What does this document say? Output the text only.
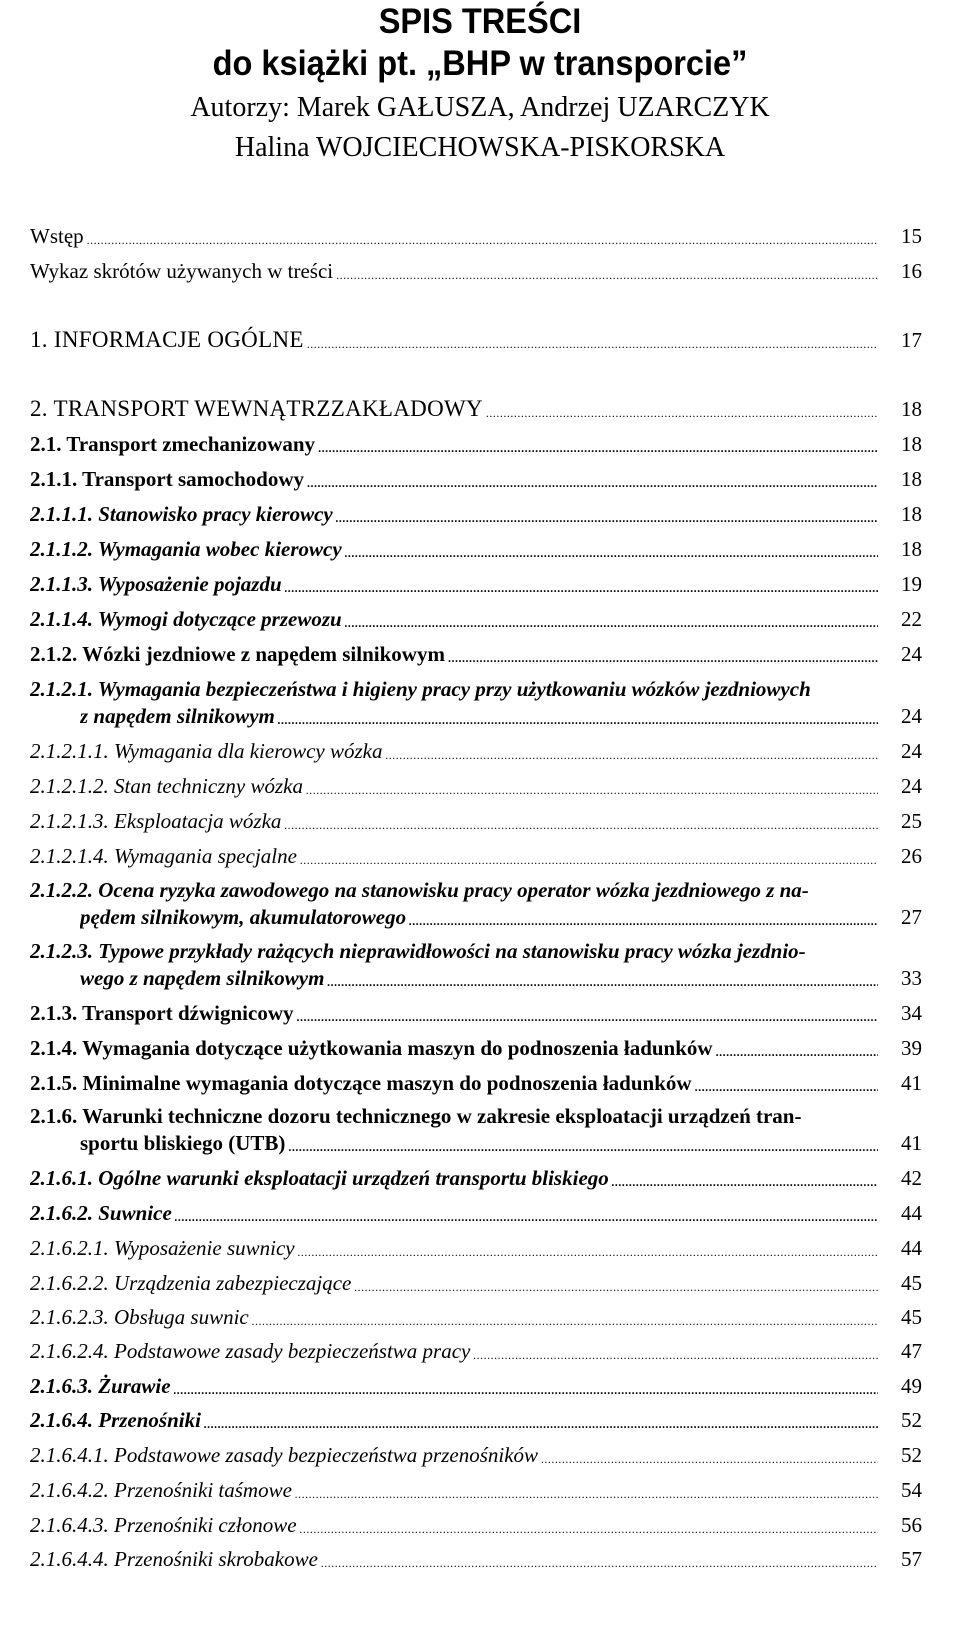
SPIS TREŚCI
do książki pt. „BHP w transporcie”
Autorzy: Marek GAŁUSZA, Andrzej UZARCZYK
Halina WOJCIECHOWSKA-PISKORSKA
Wstęp .....	15
Wykaz skrótów używanych w treści .....	16
1. INFORMACJE OGÓLNE .....	17
2. TRANSPORT WEWNĄTRZZAKŁADOWY .....	18
2.1. Transport zmechanizowany .....	18
2.1.1. Transport samochodowy .....	18
2.1.1.1. Stanowisko pracy kierowcy .....	18
2.1.1.2. Wymagania wobec kierowcy .....	18
2.1.1.3. Wyposażenie pojazdu .....	19
2.1.1.4. Wymogi dotyczące przewozu .....	22
2.1.2. Wózki jezdniowe z napędem silnikowym .....	24
2.1.2.1. Wymagania bezpieczeństwa i higieny pracy przy użytkowaniu wózków jezdniowych
z napędem silnikowym .....	24
2.1.2.1.1. Wymagania dla kierowcy wózka .....	24
2.1.2.1.2. Stan techniczny wózka .....	24
2.1.2.1.3. Eksploatacja wózka .....	25
2.1.2.1.4. Wymagania specjalne .....	26
2.1.2.2. Ocena ryzyka zawodowego na stanowisku pracy operator wózka jezdniowego z na-
pędem silnikowym, akumulatorowego .....	27
2.1.2.3. Typowe przykłady rażących nieprawidłowości na stanowisku pracy wózka jezdnio-
wego z napędem silnikowym .....	33
2.1.3. Transport dźwignicowy .....	34
2.1.4. Wymagania dotyczące użytkowania maszyn do podnoszenia ładunków .....	39
2.1.5. Minimalne wymagania dotyczące maszyn do podnoszenia ładunków .....	41
2.1.6. Warunki techniczne dozoru technicznego w zakresie eksploatacji urządzeń tran-
sportu bliskiego (UTB) .....	41
2.1.6.1. Ogólne warunki eksploatacji urządzeń transportu bliskiego .....	42
2.1.6.2. Suwnice .....	44
2.1.6.2.1. Wyposażenie suwnicy .....	44
2.1.6.2.2. Urządzenia zabezpieczające .....	45
2.1.6.2.3. Obsługa suwnic .....	45
2.1.6.2.4. Podstawowe zasady bezpieczeństwa pracy .....	47
2.1.6.3. Żurawie .....	49
2.1.6.4. Przenośniki .....	52
2.1.6.4.1. Podstawowe zasady bezpieczeństwa przenośników .....	52
2.1.6.4.2. Przenośniki taśmowe .....	54
2.1.6.4.3. Przenośniki członowe .....	56
2.1.6.4.4. Przenośniki skrobakowe .....	57
